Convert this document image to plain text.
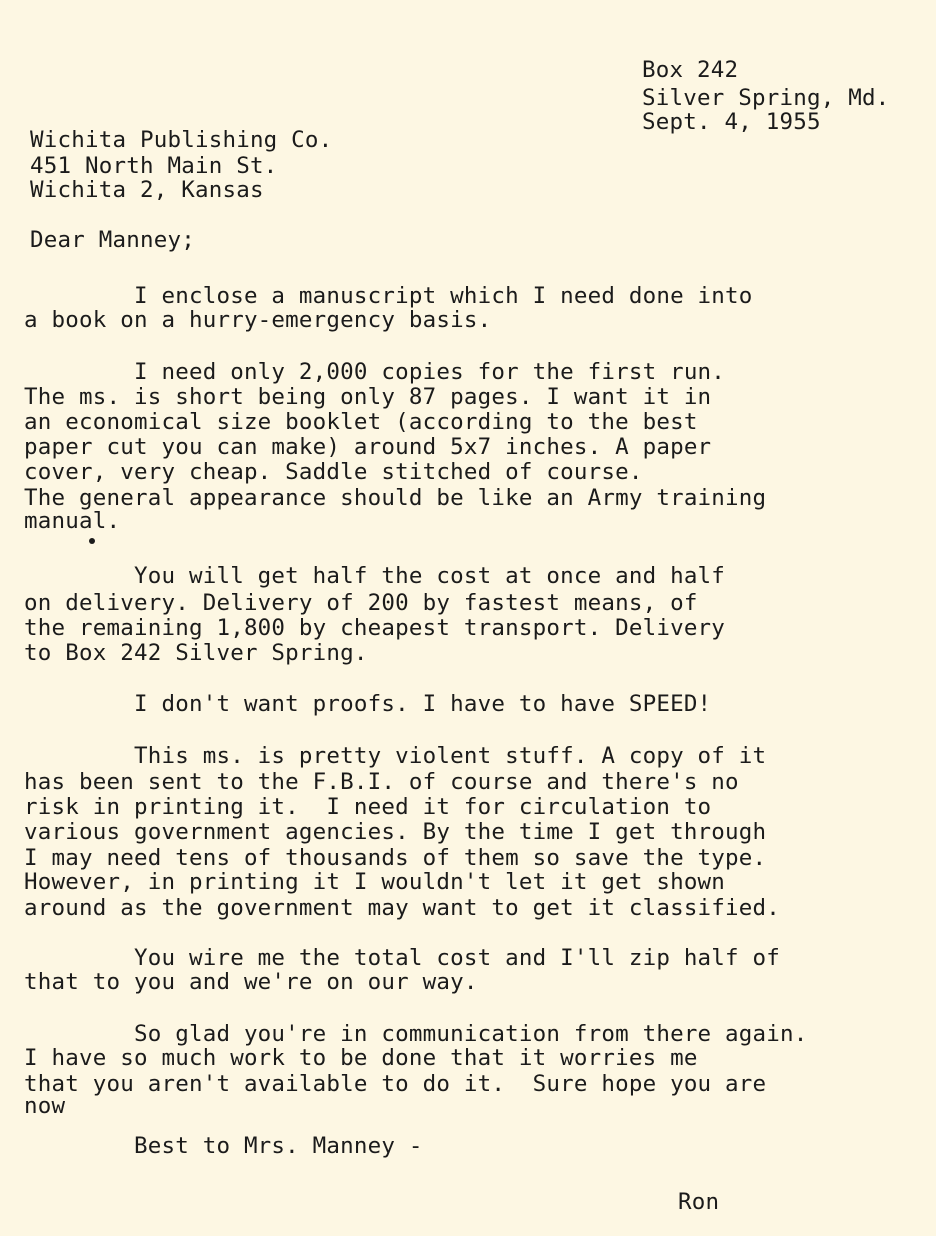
Box 242
Silver Spring, Md.
Sept. 4, 1955
Wichita Publishing Co.
451 North Main St.
Wichita 2, Kansas
Dear Manney;
I enclose a manuscript which I need done into
a book on a hurry-emergency basis.
I need only 2,000 copies for the first run.
The ms. is short being only 87 pages. I want it in
an economical size booklet (according to the best
paper cut you can make) around 5x7 inches. A paper
cover, very cheap. Saddle stitched of course.
The general appearance should be like an Army training
manual.
You will get half the cost at once and half
on delivery. Delivery of 200 by fastest means, of
the remaining 1,800 by cheapest transport. Delivery
to Box 242 Silver Spring.
I don't want proofs. I have to have SPEED!
This ms. is pretty violent stuff. A copy of it
has been sent to the F.B.I. of course and there's no
risk in printing it.  I need it for circulation to
various government agencies. By the time I get through
I may need tens of thousands of them so save the type.
However, in printing it I wouldn't let it get shown
around as the government may want to get it classified.
You wire me the total cost and I'll zip half of
that to you and we're on our way.
So glad you're in communication from there again.
I have so much work to be done that it worries me
that you aren't available to do it.  Sure hope you are
now
Best to Mrs. Manney -
Ron
